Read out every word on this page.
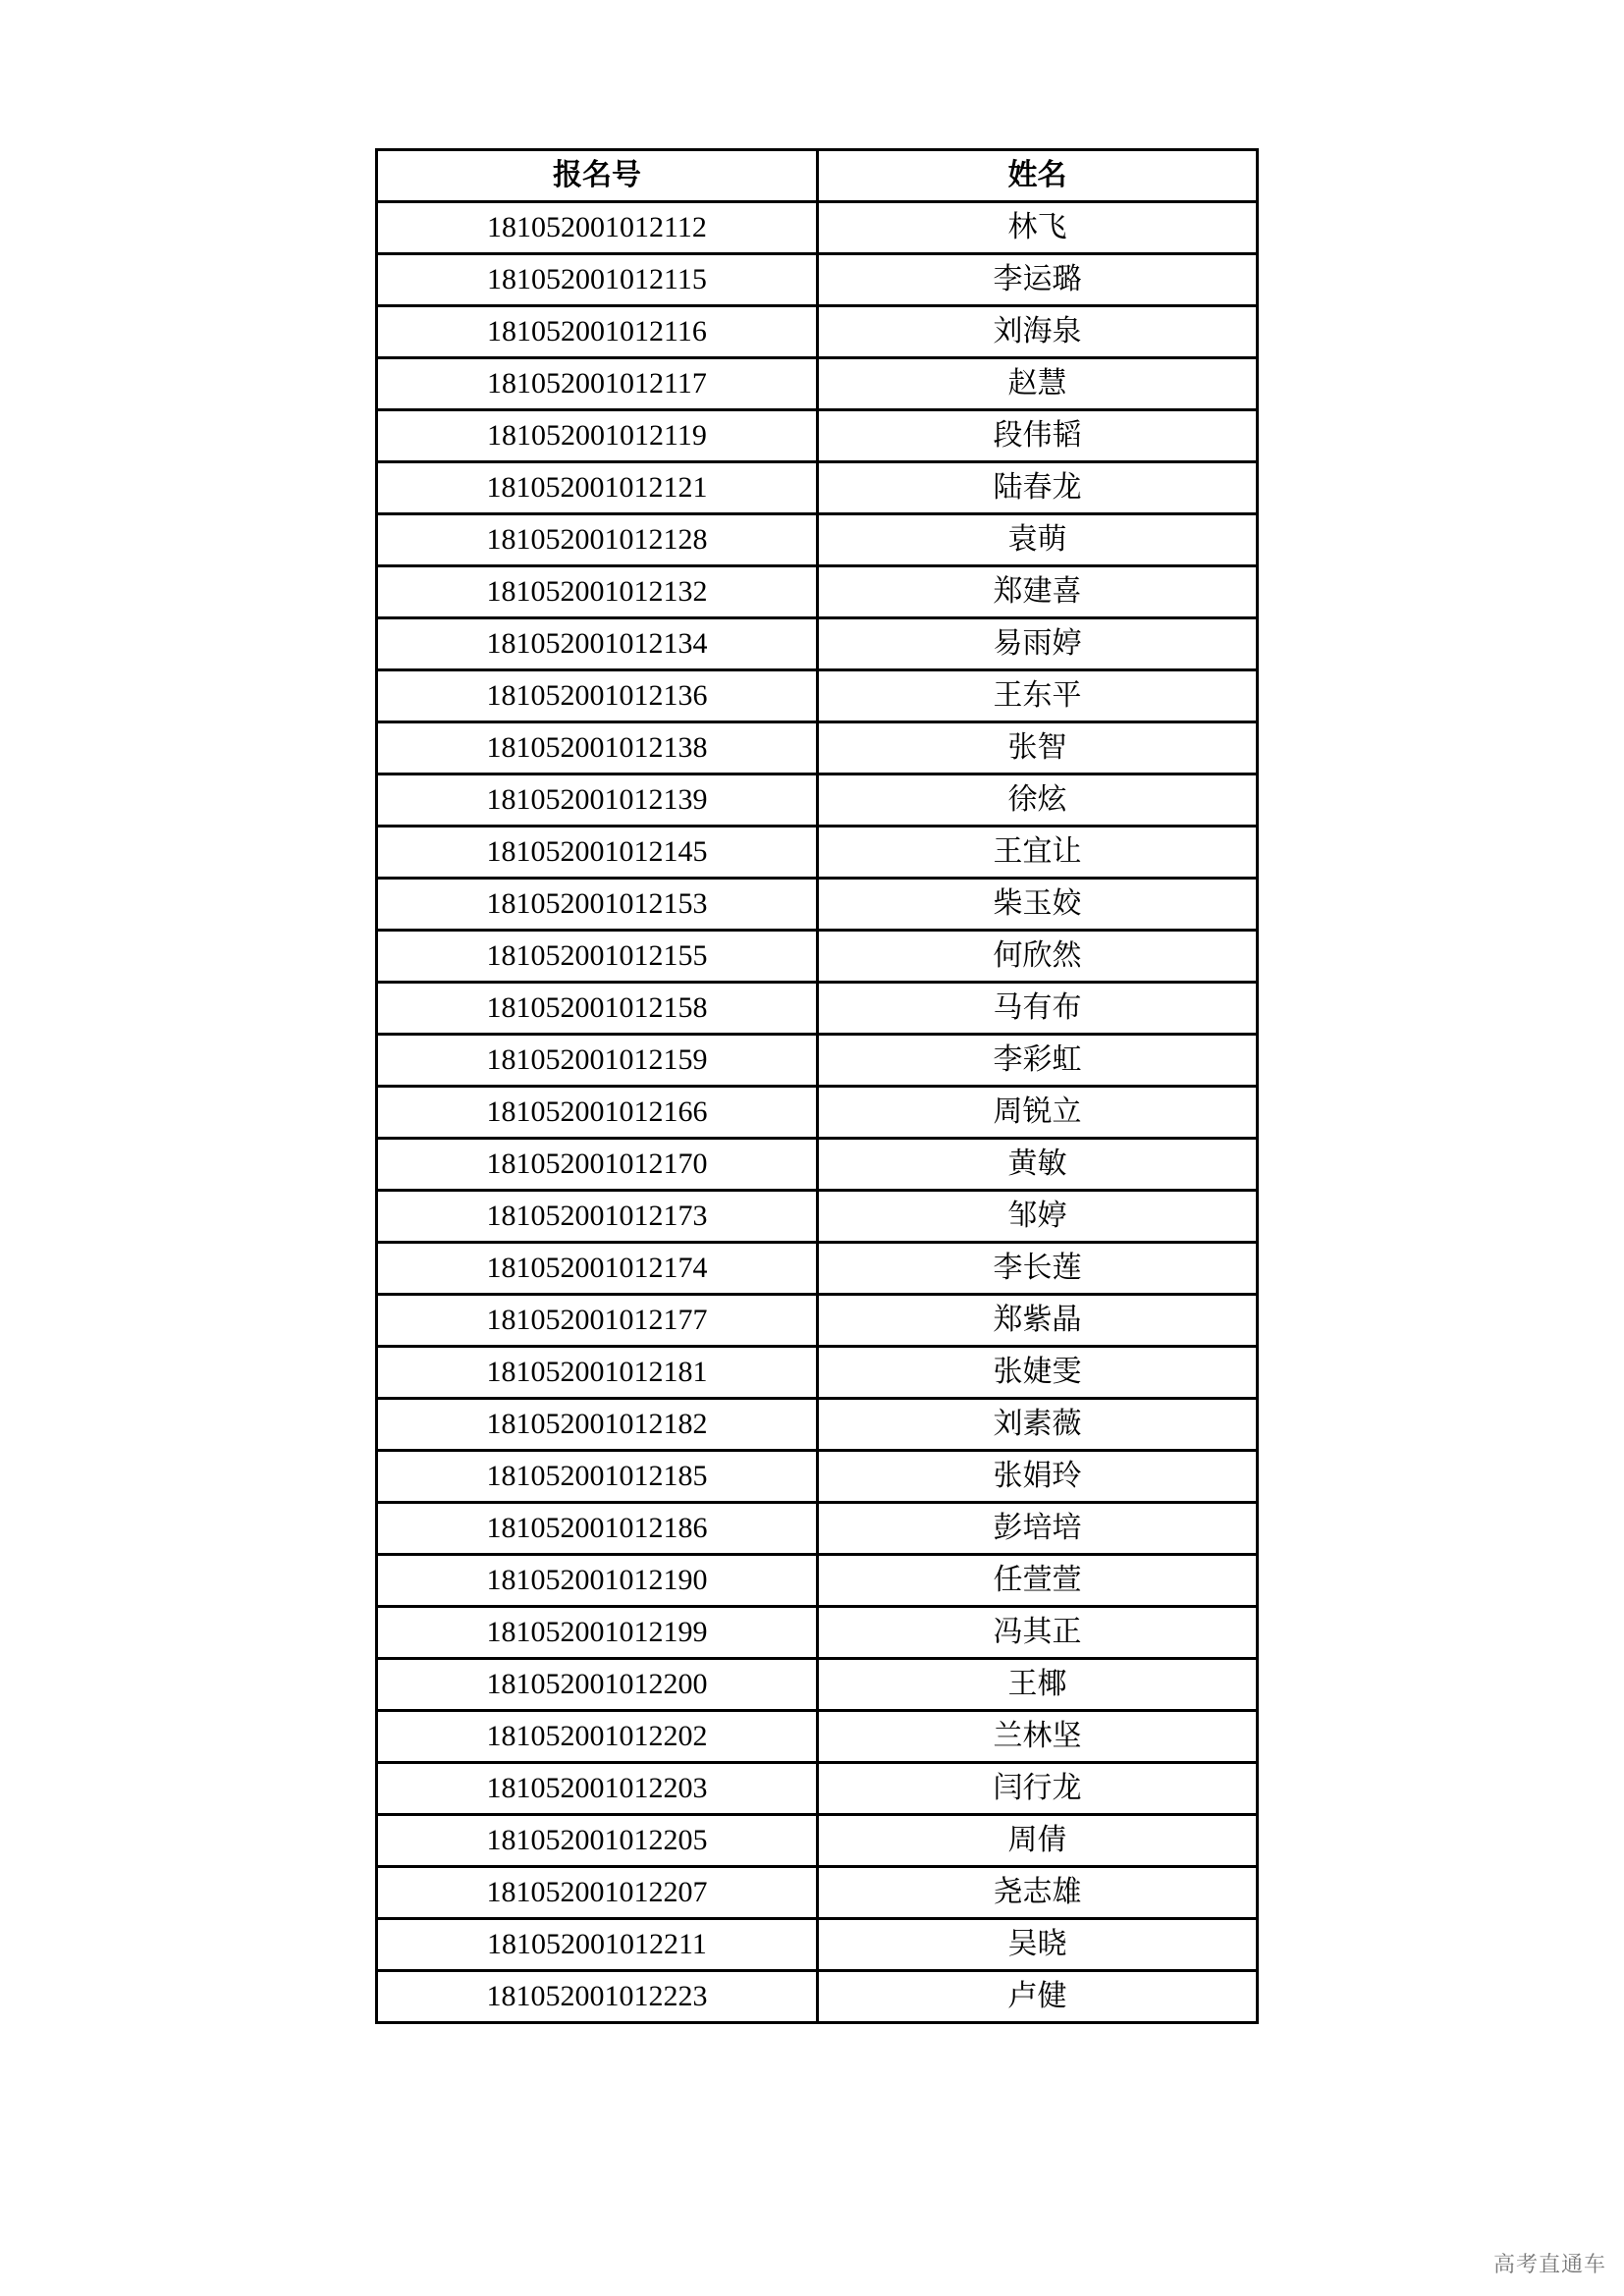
报名号	姓名
181052001012112	林飞
181052001012115	李运璐
181052001012116	刘海泉
181052001012117	赵慧
181052001012119	段伟韬
181052001012121	陆春龙
181052001012128	袁萌
181052001012132	郑建喜
181052001012134	易雨婷
181052001012136	王东平
181052001012138	张智
181052001012139	徐炫
181052001012145	王宜让
181052001012153	柴玉姣
181052001012155	何欣然
181052001012158	马有布
181052001012159	李彩虹
181052001012166	周锐立
181052001012170	黄敏
181052001012173	邹婷
181052001012174	李长莲
181052001012177	郑紫晶
181052001012181	张婕雯
181052001012182	刘素薇
181052001012185	张娟玲
181052001012186	彭培培
181052001012190	任萱萱
181052001012199	冯其正
181052001012200	王椰
181052001012202	兰林坚
181052001012203	闫行龙
181052001012205	周倩
181052001012207	尧志雄
181052001012211	吴晓
181052001012223	卢健
高考直通车
